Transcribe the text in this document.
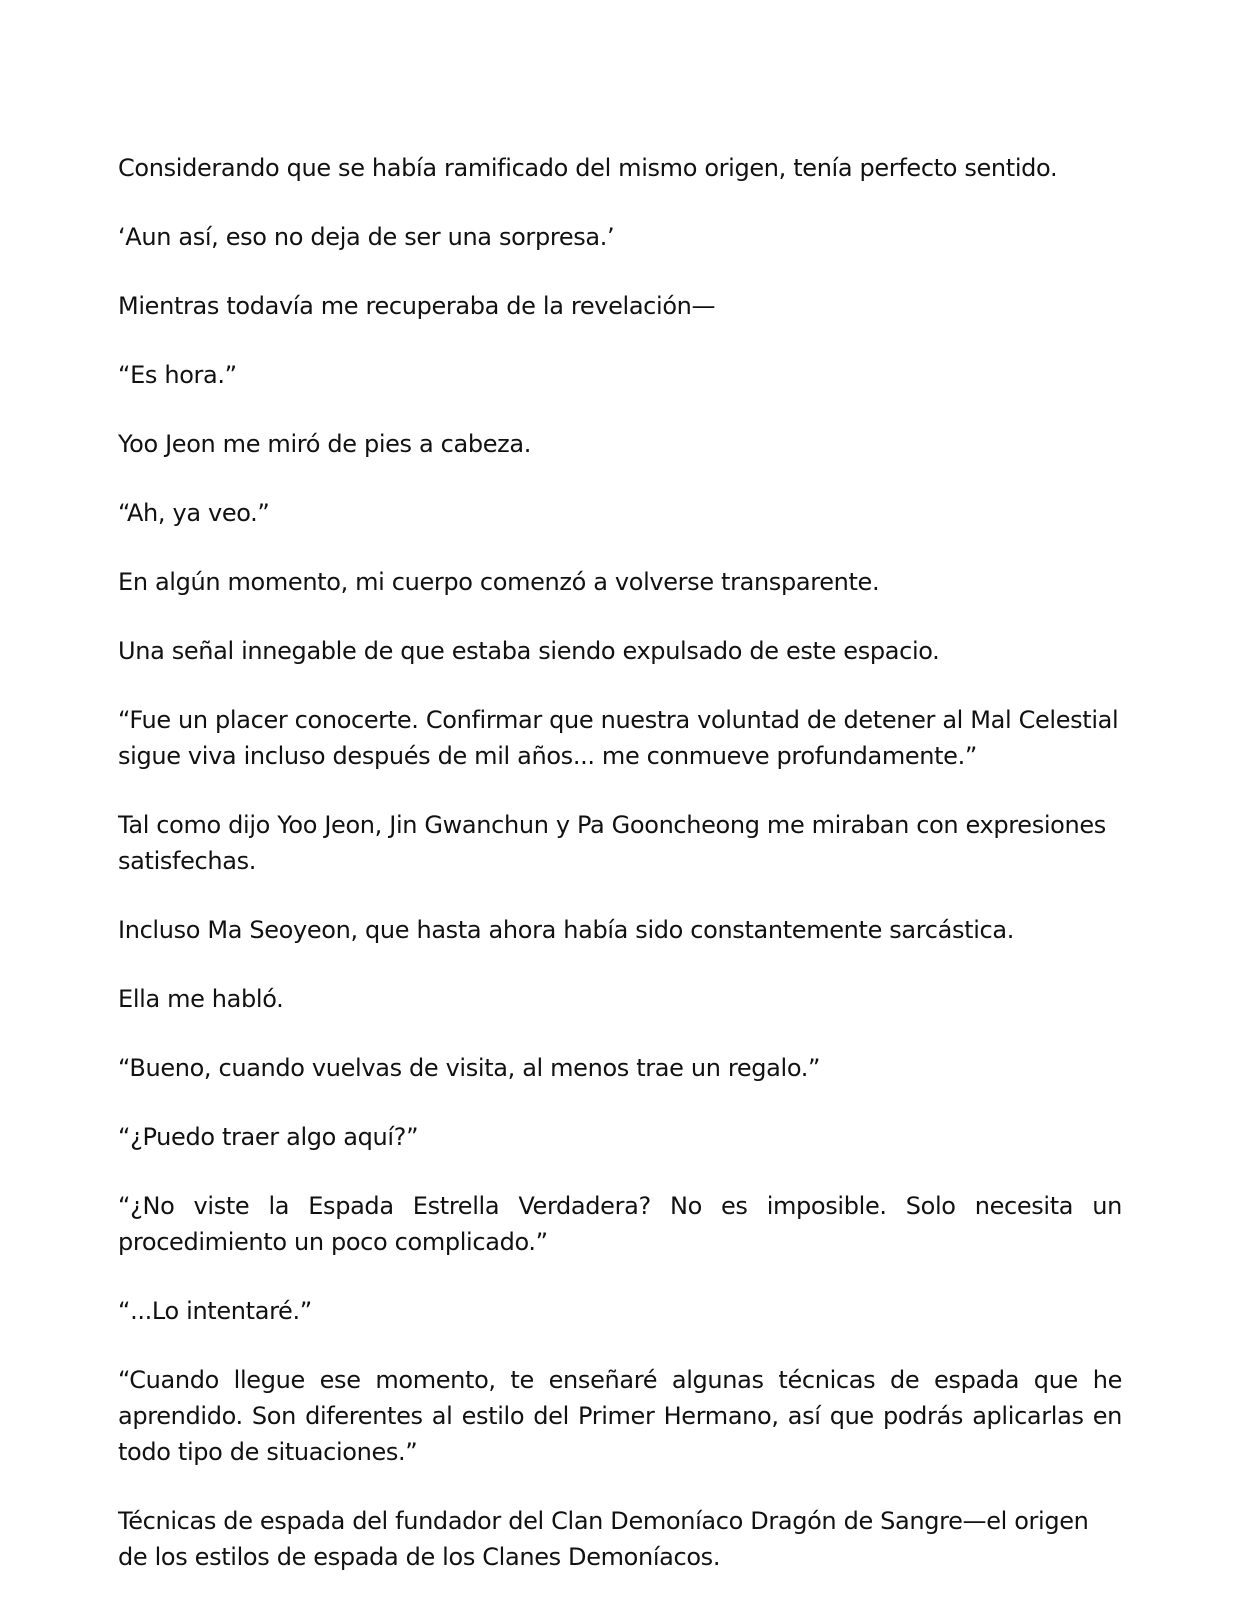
Considerando que se había ramificado del mismo origen, tenía perfecto sentido.

‘Aun así, eso no deja de ser una sorpresa.’

Mientras todavía me recuperaba de la revelación—

“Es hora.”

Yoo Jeon me miró de pies a cabeza.

“Ah, ya veo.”

En algún momento, mi cuerpo comenzó a volverse transparente.

Una señal innegable de que estaba siendo expulsado de este espacio.

“Fue un placer conocerte. Confirmar que nuestra voluntad de detener al Mal Celestial sigue viva incluso después de mil años... me conmueve profundamente.”

Tal como dijo Yoo Jeon, Jin Gwanchun y Pa Gooncheong me miraban con expresiones satisfechas.

Incluso Ma Seoyeon, que hasta ahora había sido constantemente sarcástica.

Ella me habló.

“Bueno, cuando vuelvas de visita, al menos trae un regalo.”

“¿Puedo traer algo aquí?”

“¿No viste la Espada Estrella Verdadera? No es imposible. Solo necesita un procedimiento un poco complicado.”

“...Lo intentaré.”

“Cuando llegue ese momento, te enseñaré algunas técnicas de espada que he aprendido. Son diferentes al estilo del Primer Hermano, así que podrás aplicarlas en todo tipo de situaciones.”

Técnicas de espada del fundador del Clan Demoníaco Dragón de Sangre—el origen de los estilos de espada de los Clanes Demoníacos.
